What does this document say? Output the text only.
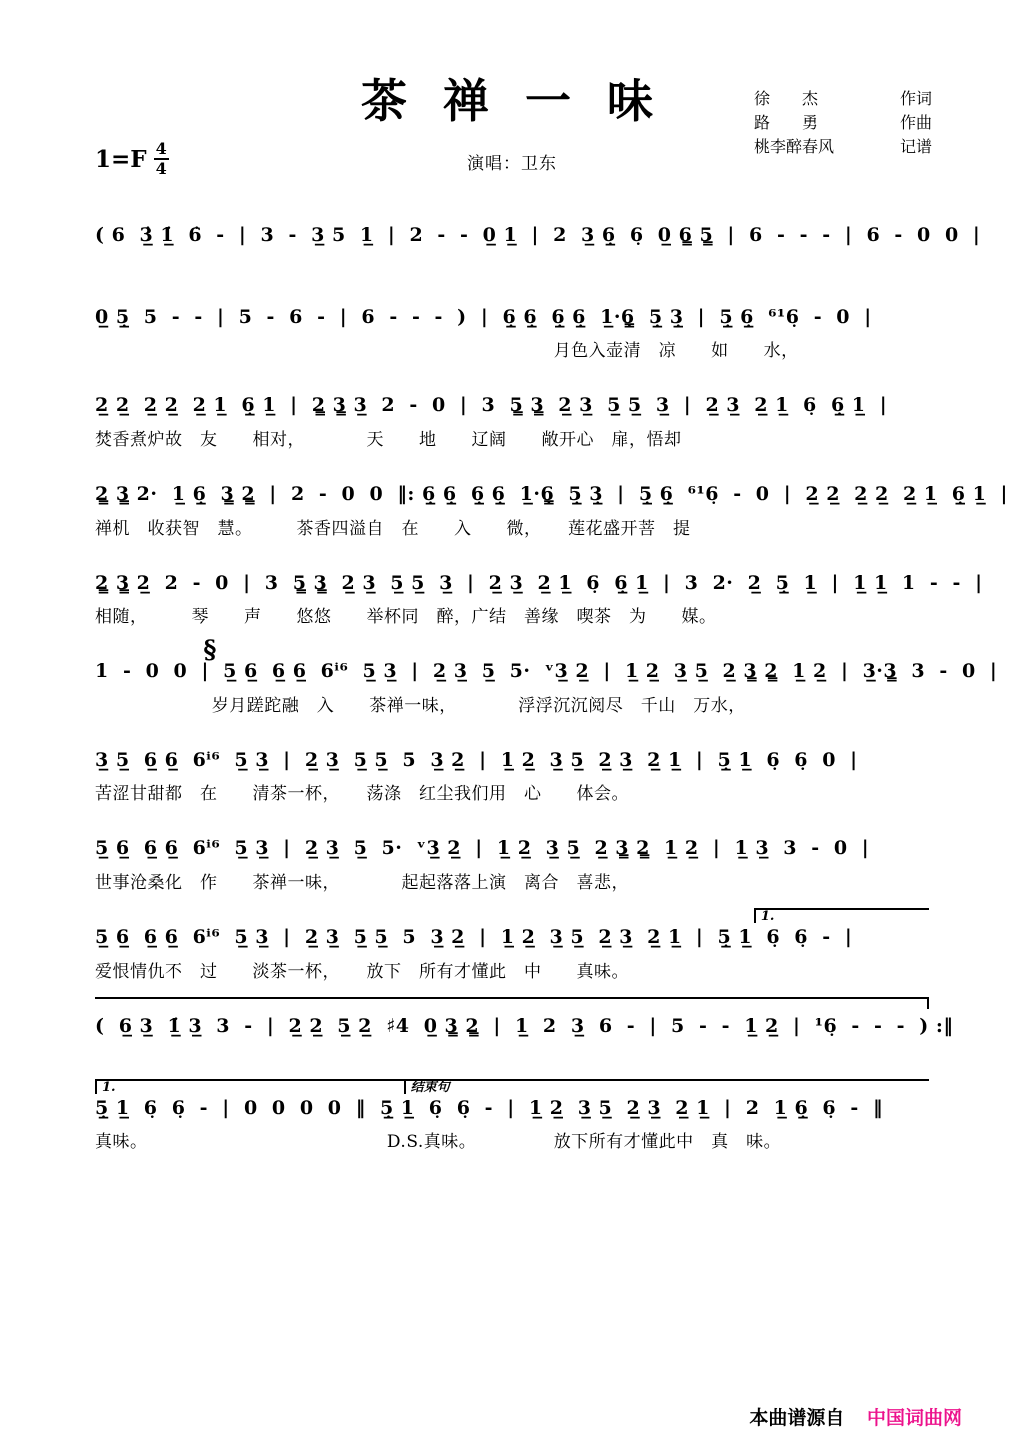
茶 禅 一 味
$1=F \frac{4}{4}$	演唱：卫东
徐　　杰	作词
路　　勇	作曲
桃李醉春风	记谱
( 6  3̲̇ 1̲̇  6̇  -  |  3  -  3̲ 5  1̲  |  2  -  -  0̲ 1̲  |  2  3̲ 6̣̲  6̣  0̲ 6̳ 5̳  |  6  -  -  -  |  6  -  0  0  |
0̲ 5̣̲  5  -  -  |  5  -  6  -  |  6  -  -  -  )  |  6̣̲ 6̣̲  6̣̲ 6̣̲  1̲·6̣̳  5̣̲ 3̣̲  |  5̣̲ 6̣̲  ⁶¹6̣  -  0  |
月色入壶清　凉　　如　　水，
2̲ 2̲  2̲ 2̲  2̲ 1̲  6̣̲ 1̲  |  2̳ 3̳ 3̲  2  -  0  |  3  5̳ 3̳  2̲ 3̲  5̲ 5̲  3̲  |  2̲ 3̲  2̲ 1̲  6̣  6̣̲ 1̲  |
焚香煮炉故　友　　相对，　　　　天　　地　　辽阔　　敞开心　扉，悟却
2̳ 3̳ 2·  1̲ 6̣̲  3̳ 2̳  |  2  -  0  0  ‖: 6̣̲ 6̣̲  6̣̲ 6̣̲  1̲·6̣̳  5̣̲ 3̣̲  |  5̣̲ 6̣̲  ⁶¹6̣  -  0  |  2̲ 2̲  2̲ 2̲  2̲ 1̲  6̣̲ 1̲  |
禅机　收获智　慧。　　　茶香四溢自　在　　入　　微，　　莲花盛开菩　提
2̳ 3̳ 2̲  2  -  0  |  3  5̳ 3̳  2̲ 3̲  5̲ 5̲  3̲  |  2̲ 3̲  2̲ 1̲  6̣  6̣̲ 1̲  |  3  2·  2̲  5̣̲  1̲  |  1̲ 1̲  1  -  -  |
相随，　　　琴　　声　　悠悠　　举杯同　醉，广结　善缘　喫茶　为　　媒。
§
1  -  0  0  |  5̲ 6̲  6̲ 6̲  6ⁱ⁶  5̲ 3̲  |  2̲ 3̲  5̲  5·  ᵛ3̲ 2̲  |  1̲ 2̲  3̲ 5̲  2̲ 3̳ 2̳  1̲ 2̲  |  3̲·3̳  3  -  0  |
岁月蹉跎融　入　　茶禅一味，　　　　浮浮沉沉阅尽　千山　万水，
3̲ 5̲  6̲ 6̲  6ⁱ⁶  5̲ 3̲  |  2̲ 3̲  5̲ 5̲  5  3̲ 2̲  |  1̲ 2̲  3̲ 5̲  2̲ 3̲  2̲ 1̲  |  5̣̲ 1̲  6̣  6̣  0  |
苦涩甘甜都　在　　清茶一杯，　　荡涤　红尘我们用　心　　体会。
5̲ 6̲  6̲ 6̲  6ⁱ⁶  5̲ 3̲  |  2̲ 3̲  5̲  5·  ᵛ3̲ 2̲  |  1̲ 2̲  3̲ 5̲  2̲ 3̳ 2̳  1̲ 2̲  |  1̲ 3̲  3  -  0  |
世事沧桑化　作　　茶禅一味，　　　　起起落落上演　离合　喜悲，
1.
5̲ 6̲  6̲ 6̲  6ⁱ⁶  5̲ 3̲  |  2̲ 3̲  5̲ 5̲  5  3̲ 2̲  |  1̲ 2̲  3̲ 5̲  2̲ 3̲  2̲ 1̲  |  5̣̲ 1̲  6̣  6̣  -  |
爱恨情仇不　过　　淡茶一杯，　　放下　所有才懂此　中　　真味。
(  6̲ 3̲  1̲̇ 3̲  3  -  |  2̲ 2̲  5̲ 2̲  ♯4  0̲ 3̳ 2̳  |  1̲  2  3̲  6  -  |  5  -  -  1̲ 2̲  |  ¹6̣  -  -  -  ) :‖
1.	结束句
5̣̲ 1̲  6̣  6̣  -  |  0  0  0  0  ‖  5̣̲ 1̲  6̣  6̣  -  |  1̲ 2̲  3̲ 5̲  2̲ 3̲  2̲ 1̲  |  2  1̲ 6̣̲  6̣  -  ‖
真味。	D.S.真味。	放下所有才懂此中　真　味。
本曲谱源自 中国词曲网
